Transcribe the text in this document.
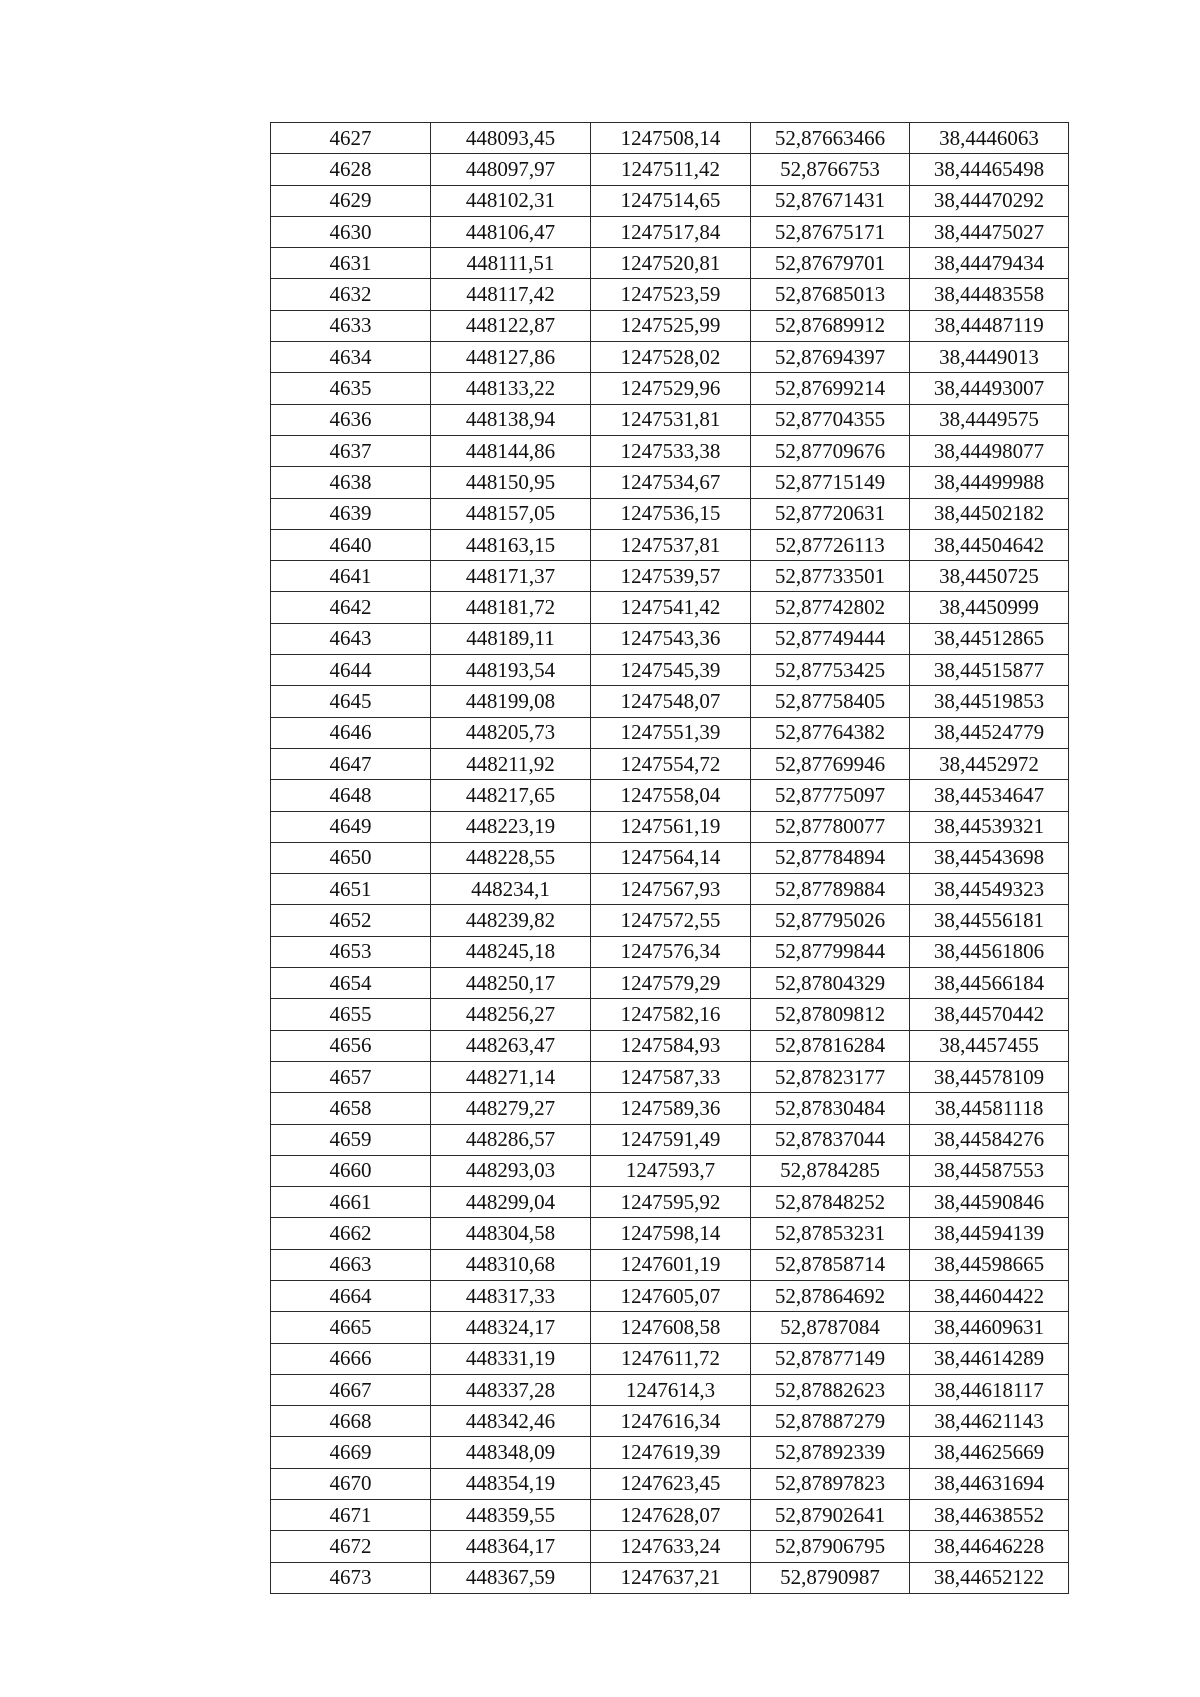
4627	448093,45	1247508,14	52,87663466	38,4446063
4628	448097,97	1247511,42	52,8766753	38,44465498
4629	448102,31	1247514,65	52,87671431	38,44470292
4630	448106,47	1247517,84	52,87675171	38,44475027
4631	448111,51	1247520,81	52,87679701	38,44479434
4632	448117,42	1247523,59	52,87685013	38,44483558
4633	448122,87	1247525,99	52,87689912	38,44487119
4634	448127,86	1247528,02	52,87694397	38,4449013
4635	448133,22	1247529,96	52,87699214	38,44493007
4636	448138,94	1247531,81	52,87704355	38,4449575
4637	448144,86	1247533,38	52,87709676	38,44498077
4638	448150,95	1247534,67	52,87715149	38,44499988
4639	448157,05	1247536,15	52,87720631	38,44502182
4640	448163,15	1247537,81	52,87726113	38,44504642
4641	448171,37	1247539,57	52,87733501	38,4450725
4642	448181,72	1247541,42	52,87742802	38,4450999
4643	448189,11	1247543,36	52,87749444	38,44512865
4644	448193,54	1247545,39	52,87753425	38,44515877
4645	448199,08	1247548,07	52,87758405	38,44519853
4646	448205,73	1247551,39	52,87764382	38,44524779
4647	448211,92	1247554,72	52,87769946	38,4452972
4648	448217,65	1247558,04	52,87775097	38,44534647
4649	448223,19	1247561,19	52,87780077	38,44539321
4650	448228,55	1247564,14	52,87784894	38,44543698
4651	448234,1	1247567,93	52,87789884	38,44549323
4652	448239,82	1247572,55	52,87795026	38,44556181
4653	448245,18	1247576,34	52,87799844	38,44561806
4654	448250,17	1247579,29	52,87804329	38,44566184
4655	448256,27	1247582,16	52,87809812	38,44570442
4656	448263,47	1247584,93	52,87816284	38,4457455
4657	448271,14	1247587,33	52,87823177	38,44578109
4658	448279,27	1247589,36	52,87830484	38,44581118
4659	448286,57	1247591,49	52,87837044	38,44584276
4660	448293,03	1247593,7	52,8784285	38,44587553
4661	448299,04	1247595,92	52,87848252	38,44590846
4662	448304,58	1247598,14	52,87853231	38,44594139
4663	448310,68	1247601,19	52,87858714	38,44598665
4664	448317,33	1247605,07	52,87864692	38,44604422
4665	448324,17	1247608,58	52,8787084	38,44609631
4666	448331,19	1247611,72	52,87877149	38,44614289
4667	448337,28	1247614,3	52,87882623	38,44618117
4668	448342,46	1247616,34	52,87887279	38,44621143
4669	448348,09	1247619,39	52,87892339	38,44625669
4670	448354,19	1247623,45	52,87897823	38,44631694
4671	448359,55	1247628,07	52,87902641	38,44638552
4672	448364,17	1247633,24	52,87906795	38,44646228
4673	448367,59	1247637,21	52,8790987	38,44652122
